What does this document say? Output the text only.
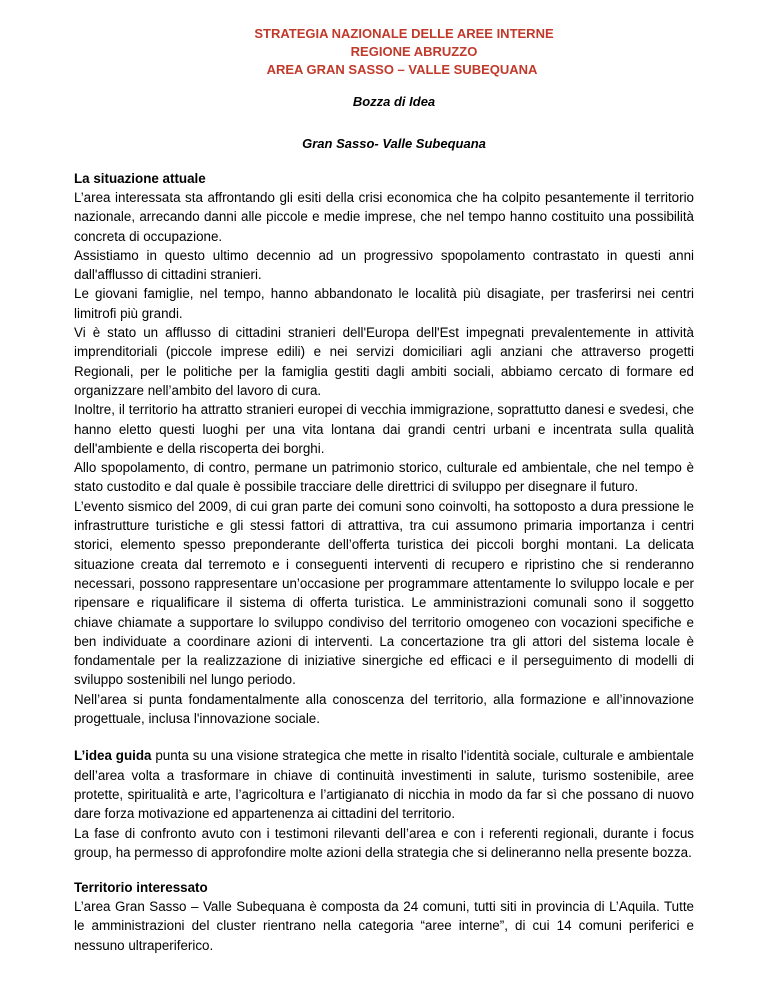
STRATEGIA NAZIONALE DELLE AREE INTERNE
REGIONE ABRUZZO
AREA GRAN SASSO – VALLE SUBEQUANA
Bozza di Idea
Gran Sasso- Valle Subequana
La situazione attuale

L’area interessata sta affrontando gli esiti della crisi economica che ha colpito pesantemente il territorio nazionale, arrecando danni alle piccole e medie imprese, che nel tempo hanno costituito una possibilità concreta di occupazione.

Assistiamo in questo ultimo decennio ad un progressivo spopolamento contrastato in questi anni dall'afflusso di cittadini stranieri.

Le giovani famiglie, nel tempo, hanno abbandonato le località più disagiate, per trasferirsi nei centri limitrofi più grandi.

Vi è stato un afflusso di cittadini stranieri dell'Europa dell'Est impegnati prevalentemente in attività imprenditoriali (piccole imprese edili) e nei servizi domiciliari agli anziani che attraverso progetti Regionali, per le politiche per la famiglia gestiti dagli ambiti sociali, abbiamo cercato di formare ed organizzare nell’ambito del lavoro di cura.

Inoltre, il territorio ha attratto stranieri europei di vecchia immigrazione, soprattutto danesi e svedesi, che hanno eletto questi luoghi per una vita lontana dai grandi centri urbani e incentrata sulla qualità dell'ambiente e della riscoperta dei borghi.

Allo spopolamento, di contro, permane un patrimonio storico, culturale ed ambientale, che nel tempo è stato custodito e dal quale è possibile tracciare delle direttrici di sviluppo per disegnare il futuro.

L’evento sismico del 2009, di cui gran parte dei comuni sono coinvolti, ha sottoposto a dura pressione le infrastrutture turistiche e gli stessi fattori di attrattiva, tra cui assumono primaria importanza i centri storici, elemento spesso preponderante dell’offerta turistica dei piccoli borghi montani. La delicata situazione creata dal terremoto e i conseguenti interventi di recupero e ripristino che si renderanno necessari, possono rappresentare un’occasione per programmare attentamente lo sviluppo locale e per ripensare e riqualificare il sistema di offerta turistica. Le amministrazioni comunali sono il soggetto chiave chiamate a supportare lo sviluppo condiviso del territorio omogeneo con vocazioni specifiche e ben individuate a coordinare azioni di interventi. La concertazione tra gli attori del sistema locale è fondamentale per la realizzazione di iniziative sinergiche ed efficaci e il perseguimento di modelli di sviluppo sostenibili nel lungo periodo.

Nell’area si punta fondamentalmente alla conoscenza del territorio, alla formazione e all’innovazione progettuale, inclusa l'innovazione sociale.

L’idea guida punta su una visione strategica che mette in risalto l'identità sociale, culturale e ambientale dell’area volta a trasformare in chiave di continuità investimenti in salute, turismo sostenibile, aree protette, spiritualità e arte, l’agricoltura e l’artigianato di nicchia in modo da far sì che possano di nuovo dare forza motivazione ed appartenenza ai cittadini del territorio.

La fase di confronto avuto con i testimoni rilevanti dell’area e con i referenti regionali, durante i focus group, ha permesso di approfondire molte azioni della strategia che si delineranno nella presente bozza.

Territorio interessato

L’area Gran Sasso – Valle Subequana è composta da 24 comuni, tutti siti in provincia di L’Aquila. Tutte le amministrazioni del cluster rientrano nella categoria “aree interne”, di cui 14 comuni periferici e nessuno ultraperiferico.
